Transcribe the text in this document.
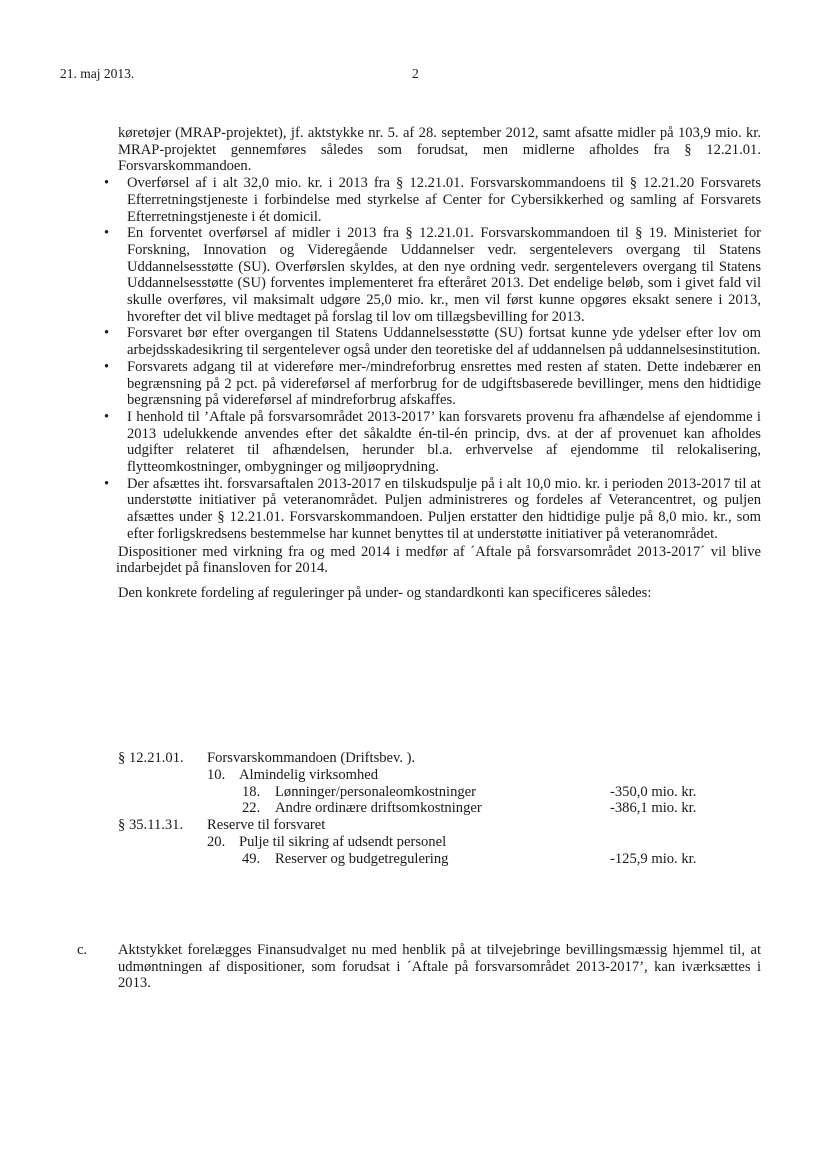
21. maj 2013.	2

køretøjer (MRAP-projektet), jf. aktstykke nr. 5. af 28. september 2012, samt afsatte midler på 103,9 mio. kr. MRAP-projektet gennemføres således som forudsat, men midlerne afholdes fra § 12.21.01. Forsvarskommandoen.

• Overførsel af i alt 32,0 mio. kr. i 2013 fra § 12.21.01. Forsvarskommandoens til § 12.21.20 Forsvarets Efterretningstjeneste i forbindelse med styrkelse af Center for Cybersikkerhed og samling af Forsvarets Efterretningstjeneste i ét domicil.
• En forventet overførsel af midler i 2013 fra § 12.21.01. Forsvarskommandoen til § 19. Ministeriet for Forskning, Innovation og Videregående Uddannelser vedr. sergentelevers overgang til Statens Uddannelsesstøtte (SU). Overførslen skyldes, at den nye ordning vedr. sergentelevers overgang til Statens Uddannelsesstøtte (SU) forventes implementeret fra efteråret 2013. Det endelige beløb, som i givet fald vil skulle overføres, vil maksimalt udgøre 25,0 mio. kr., men vil først kunne opgøres eksakt senere i 2013, hvorefter det vil blive medtaget på forslag til lov om tillægsbevilling for 2013.
• Forsvaret bør efter overgangen til Statens Uddannelsesstøtte (SU) fortsat kunne yde ydelser efter lov om arbejdsskadesikring til sergentelever også under den teoretiske del af uddannelsen på uddannelsesinstitution.
• Forsvarets adgang til at videreføre mer-/mindreforbrug ensrettes med resten af staten. Dette indebærer en begrænsning på 2 pct. på videreførsel af merforbrug for de udgiftsbaserede bevillinger, mens den hidtidige begrænsning på videreførsel af mindreforbrug afskaffes.
• I henhold til ’Aftale på forsvarsområdet 2013-2017’ kan forsvarets provenu fra afhændelse af ejendomme i 2013 udelukkende anvendes efter det såkaldte én-til-én princip, dvs. at der af provenuet kan afholdes udgifter relateret til afhændelsen, herunder bl.a. erhvervelse af ejendomme til relokalisering, flytteomkostninger, ombygninger og miljøoprydning.
• Der afsættes iht. forsvarsaftalen 2013-2017 en tilskudspulje på i alt 10,0 mio. kr. i perioden 2013-2017 til at understøtte initiativer på veteranområdet. Puljen administreres og fordeles af Veterancentret, og puljen afsættes under § 12.21.01. Forsvarskommandoen. Puljen erstatter den hidtidige pulje på 8,0 mio. kr., som efter forligskredsens bestemmelse har kunnet benyttes til at understøtte initiativer på veteranområdet.

Dispositioner med virkning fra og med 2014 i medfør af ´Aftale på forsvarsområdet 2013-2017´ vil blive indarbejdet på finansloven for 2014.

Den konkrete fordeling af reguleringer på under- og standardkonti kan specificeres således:

§ 12.21.01. Forsvarskommandoen (Driftsbev. ).
10. Almindelig virksomhed
18. Lønninger/personaleomkostninger	-350,0 mio. kr.
22. Andre ordinære driftsomkostninger	-386,1 mio. kr.
§ 35.11.31. Reserve til forsvaret
20. Pulje til sikring af udsendt personel
49. Reserver og budgetregulering	-125,9 mio. kr.
c. Aktstykket forelægges Finansudvalget nu med henblik på at tilvejebringe bevillingsmæssig hjemmel til, at udmøntningen af dispositioner, som forudsat i ´Aftale på forsvarsområdet 2013-2017’, kan iværksættes i 2013.
